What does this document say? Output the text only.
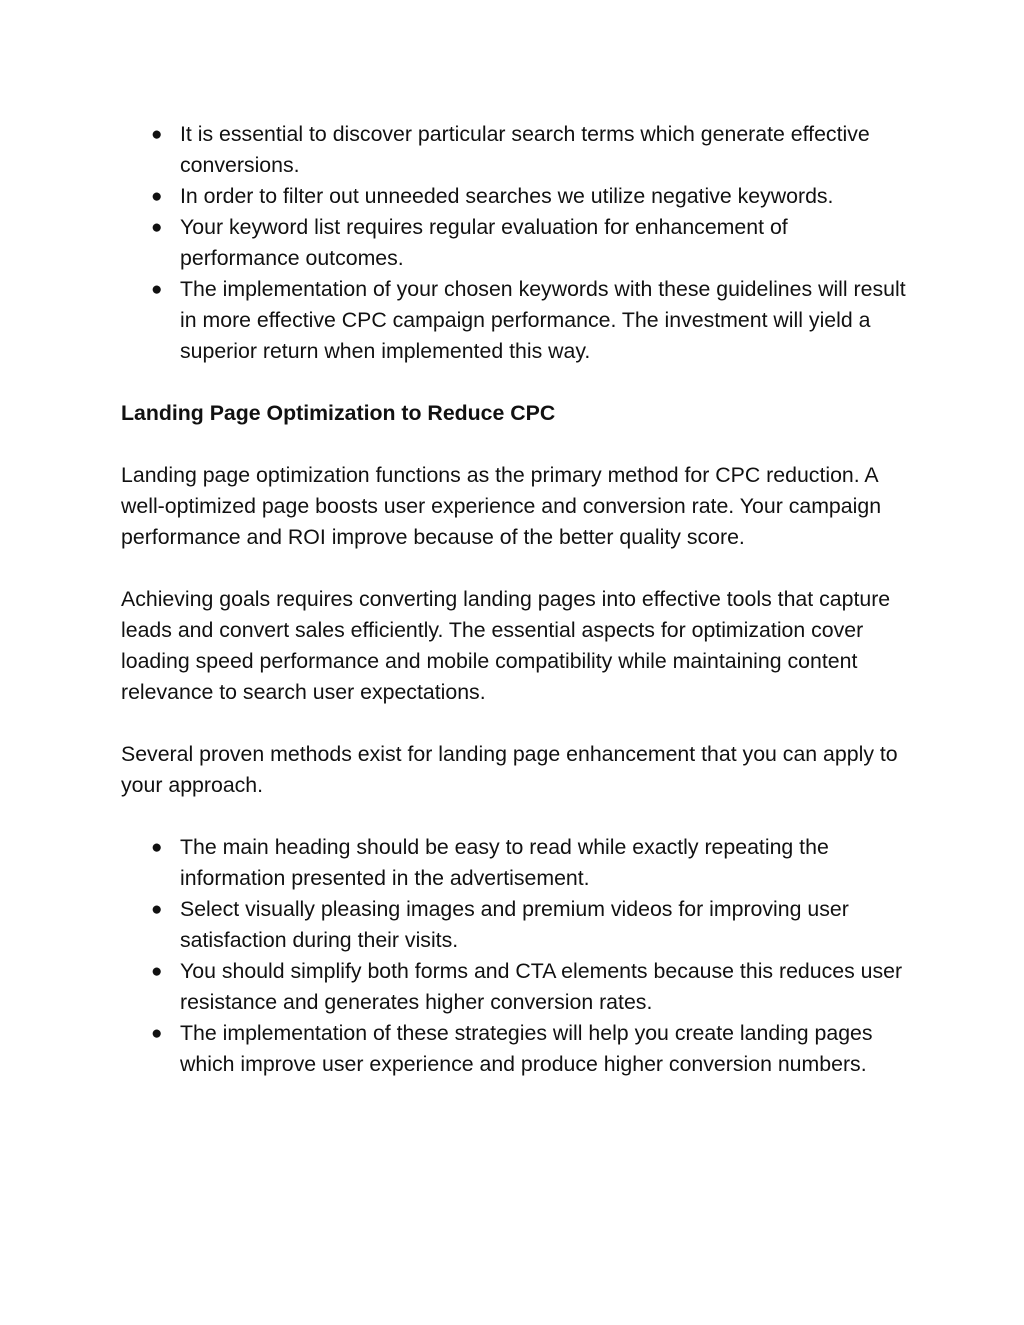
● It is essential to discover particular search terms which generate effective conversions.
● In order to filter out unneeded searches we utilize negative keywords.
● Your keyword list requires regular evaluation for enhancement of performance outcomes.
● The implementation of your chosen keywords with these guidelines will result in more effective CPC campaign performance. The investment will yield a superior return when implemented this way.
Landing Page Optimization to Reduce CPC

Landing page optimization functions as the primary method for CPC reduction. A well-optimized page boosts user experience and conversion rate. Your campaign performance and ROI improve because of the better quality score.

Achieving goals requires converting landing pages into effective tools that capture leads and convert sales efficiently. The essential aspects for optimization cover loading speed performance and mobile compatibility while maintaining content relevance to search user expectations.

Several proven methods exist for landing page enhancement that you can apply to your approach.

● The main heading should be easy to read while exactly repeating the information presented in the advertisement.
● Select visually pleasing images and premium videos for improving user satisfaction during their visits.
● You should simplify both forms and CTA elements because this reduces user resistance and generates higher conversion rates.
● The implementation of these strategies will help you create landing pages which improve user experience and produce higher conversion numbers.
